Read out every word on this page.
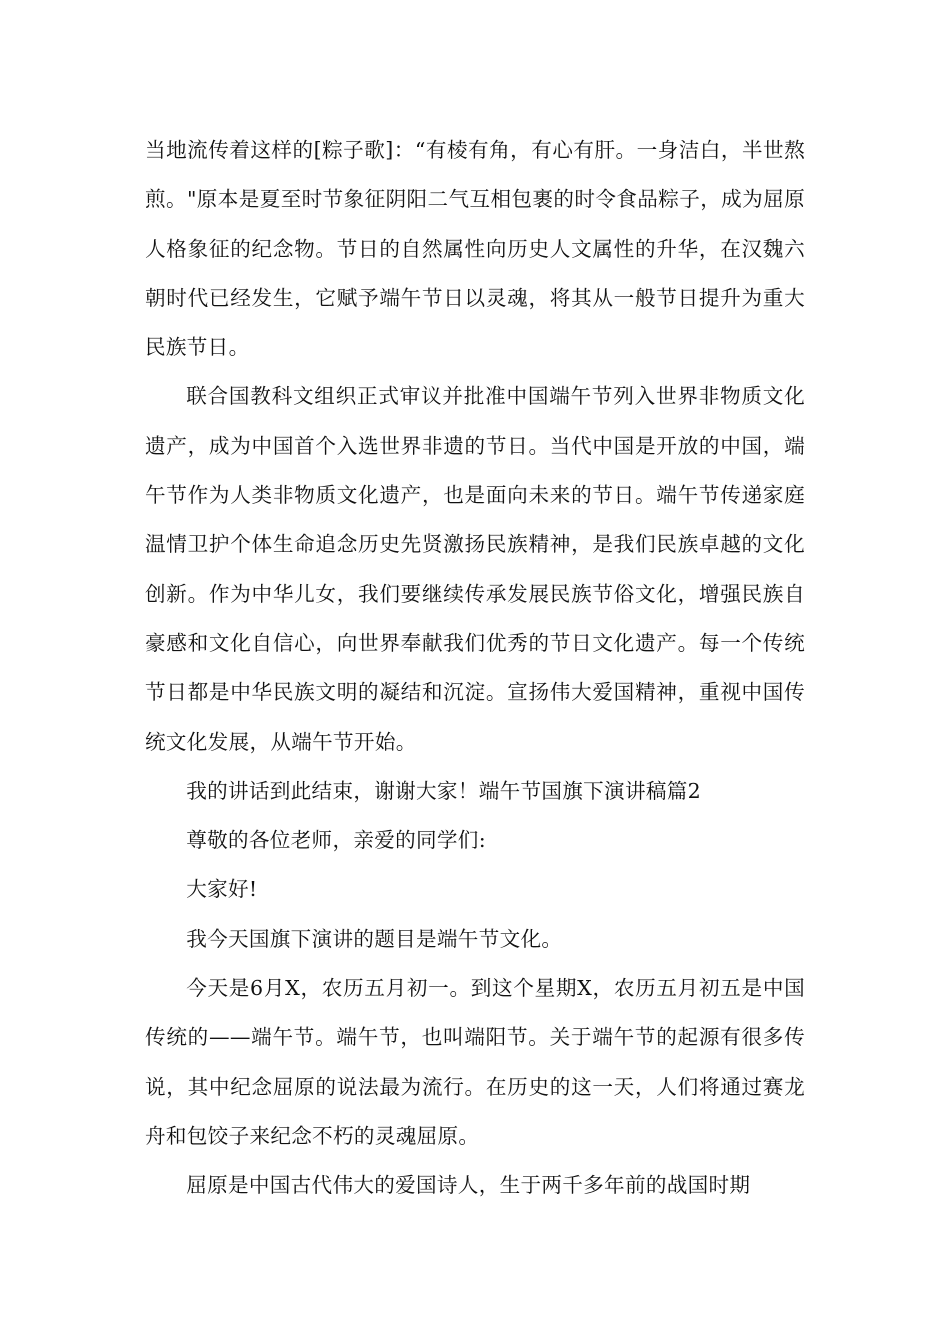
当地流传着这样的[粽子歌]：“有棱有角，有心有肝。一身洁白，半世熬煎。"原本是夏至时节象征阴阳二气互相包裹的时令食品粽子，成为屈原人格象征的纪念物。节日的自然属性向历史人文属性的升华，在汉魏六朝时代已经发生，它赋予端午节日以灵魂，将其从一般节日提升为重大民族节日。

联合国教科文组织正式审议并批准中国端午节列入世界非物质文化遗产，成为中国首个入选世界非遗的节日。当代中国是开放的中国，端午节作为人类非物质文化遗产，也是面向未来的节日。端午节传递家庭温情卫护个体生命追念历史先贤激扬民族精神，是我们民族卓越的文化创新。作为中华儿女，我们要继续传承发展民族节俗文化，增强民族自豪感和文化自信心，向世界奉献我们优秀的节日文化遗产。每一个传统节日都是中华民族文明的凝结和沉淀。宣扬伟大爱国精神，重视中国传统文化发展，从端午节开始。

我的讲话到此结束，谢谢大家！端午节国旗下演讲稿篇2

尊敬的各位老师，亲爱的同学们:

大家好!

我今天国旗下演讲的题目是端午节文化。

今天是6月X，农历五月初一。到这个星期X，农历五月初五是中国传统的——端午节。端午节，也叫端阳节。关于端午节的起源有很多传说，其中纪念屈原的说法最为流行。在历史的这一天，人们将通过赛龙舟和包饺子来纪念不朽的灵魂屈原。

屈原是中国古代伟大的爱国诗人，生于两千多年前的战国时期
